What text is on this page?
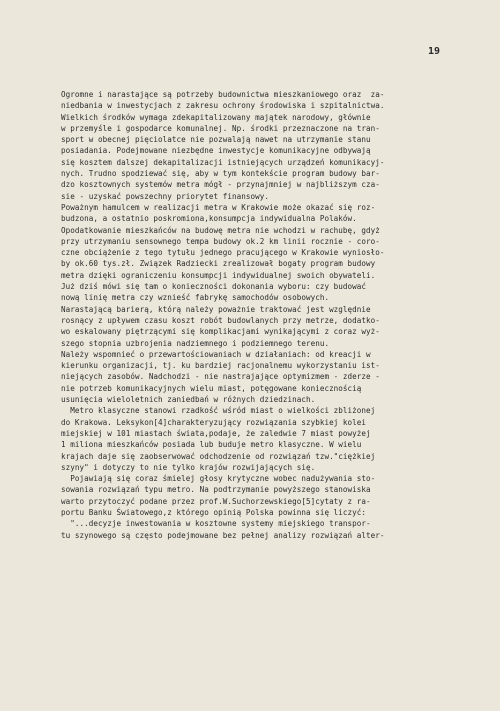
19
Ogromne i narastające są potrzeby budownictwa mieszkaniowego oraz  za-
niedbania w inwestycjach z zakresu ochrony środowiska i szpitalnictwa.
Wielkich środków wymaga zdekapitalizowany majątek narodowy, głównie
w przemyśle i gospodarce komunalnej. Np. środki przeznaczone na tran-
sport w obecnej pięciolatce nie pozwalają nawet na utrzymanie stanu
posiadania. Podejmowane niezbędne inwestycje komunikacyjne odbywają
się kosztem dalszej dekapitalizacji istniejących urządzeń komunikacyj-
nych. Trudno spodziewać się, aby w tym kontekście program budowy bar-
dzo kosztownych systemów metra mógł - przynajmniej w najbliższym cza-
sie - uzyskać powszechny priorytet finansowy.
Poważnym hamulcem w realizacji metra w Krakowie może okazać się roz-
budzona, a ostatnio poskromiona,konsumpcja indywidualna Polaków.
Opodatkowanie mieszkańców na budowę metra nie wchodzi w rachubę, gdyż
przy utrzymaniu sensownego tempa budowy ok.2 km linii rocznie - coro-
czne obciążenie z tego tytułu jednego pracującego w Krakowie wyniosło-
by ok.60 tys.zł. Związek Radziecki zrealizował bogaty program budowy
metra dzięki ograniczeniu konsumpcji indywidualnej swoich obywateli.
Już dziś mówi się tam o konieczności dokonania wyboru: czy budować
nową linię metra czy wznieść fabrykę samochodów osobowych.
Narastającą barierą, którą należy poważnie traktować jest względnie
rosnący z upływem czasu koszt robót budowlanych przy metrze, dodatko-
wo eskalowany piętrzącymi się komplikacjami wynikającymi z coraz wyż-
szego stopnia uzbrojenia nadziemnego i podziemnego terenu.
Należy wspomnieć o przewartościowaniach w działaniach: od kreacji w
kierunku organizacji, tj. ku bardziej racjonalnemu wykorzystaniu ist-
niejących zasobów. Nadchodzi - nie nastrajające optymizmem - zderze -
nie potrzeb komunikacyjnych wielu miast, potęgowane koniecznością
usunięcia wieloletnich zaniedbań w różnych dziedzinach.
Metro klasyczne stanowi rzadkość wśród miast o wielkości zbliżonej
do Krakowa. Leksykon[4]charakteryzujący rozwiązania szybkiej kolei
miejskiej w 101 miastach świata,podaje, że zaledwie 7 miast powyżej
1 miliona mieszkańców posiada lub buduje metro klasyczne. W wielu
krajach daje się zaobserwować odchodzenie od rozwiązań tzw."ciężkiej
szyny" i dotyczy to nie tylko krajów rozwijających się.
Pojawiają się coraz śmielej głosy krytyczne wobec nadużywania sto-
sowania rozwiązań typu metro. Na podtrzymanie powyższego stanowiska
warto przytoczyć podane przez prof.W.Suchorzewskiego[5]cytaty z ra-
portu Banku Światowego,z którego opinią Polska powinna się liczyć:
"...decyzje inwestowania w kosztowne systemy miejskiego transpor-
tu szynowego są często podejmowane bez pełnej analizy rozwiązań alter-
